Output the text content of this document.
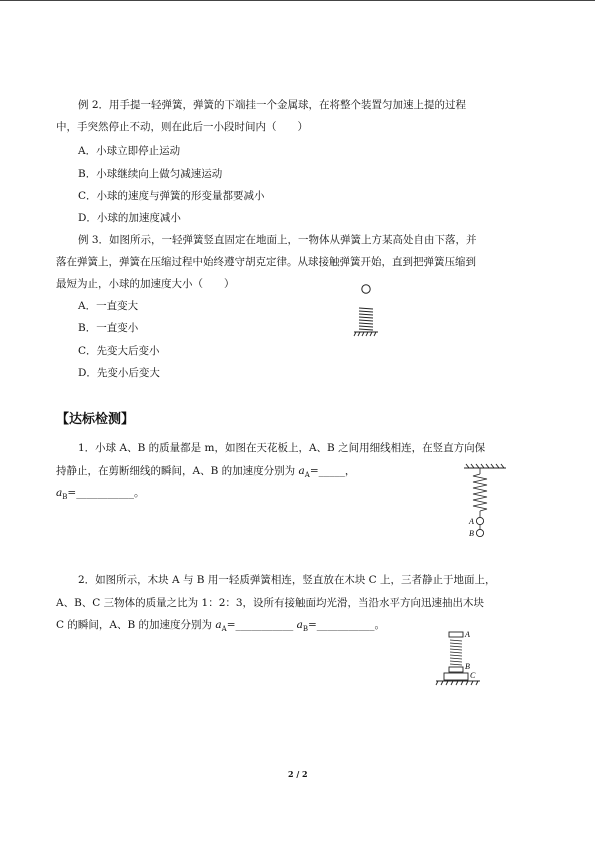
例 2．用手提一轻弹簧，弹簧的下端挂一个金属球，在将整个装置匀加速上提的过程
中，手突然停止不动，则在此后一小段时间内（　　）
A．小球立即停止运动
B．小球继续向上做匀减速运动
C．小球的速度与弹簧的形变量都要减小
D．小球的加速度减小
例 3．如图所示，一轻弹簧竖直固定在地面上，一物体从弹簧上方某高处自由下落，并
落在弹簧上，弹簧在压缩过程中始终遵守胡克定律。从球接触弹簧开始，直到把弹簧压缩到
最短为止，小球的加速度大小（　　）
A．一直变大
B．一直变小
C．先变大后变小
D．先变小后变大
【达标检测】
1．小球 A、B 的质量都是 m，如图在天花板上，A、B 之间用细线相连，在竖直方向保
持静止，在剪断细线的瞬间，A、B 的加速度分别为 $a_A=\_\_\_\_\_$，
$a_B=\_\_\_\_\_\_\_\_\_\_\_$。
A
B
2．如图所示，木块 A 与 B 用一轻质弹簧相连，竖直放在木块 C 上，三者静止于地面上，
A、B、C 三物体的质量之比为 1：2：3，设所有接触面均光滑，当沿水平方向迅速抽出木块
C 的瞬间，A、B 的加速度分别为 $a_A=\_\_\_\_\_\_\_\_\_\_\_$ $a_B=\_\_\_\_\_\_\_\_\_\_\_$。
A
B
C
2 / 2
